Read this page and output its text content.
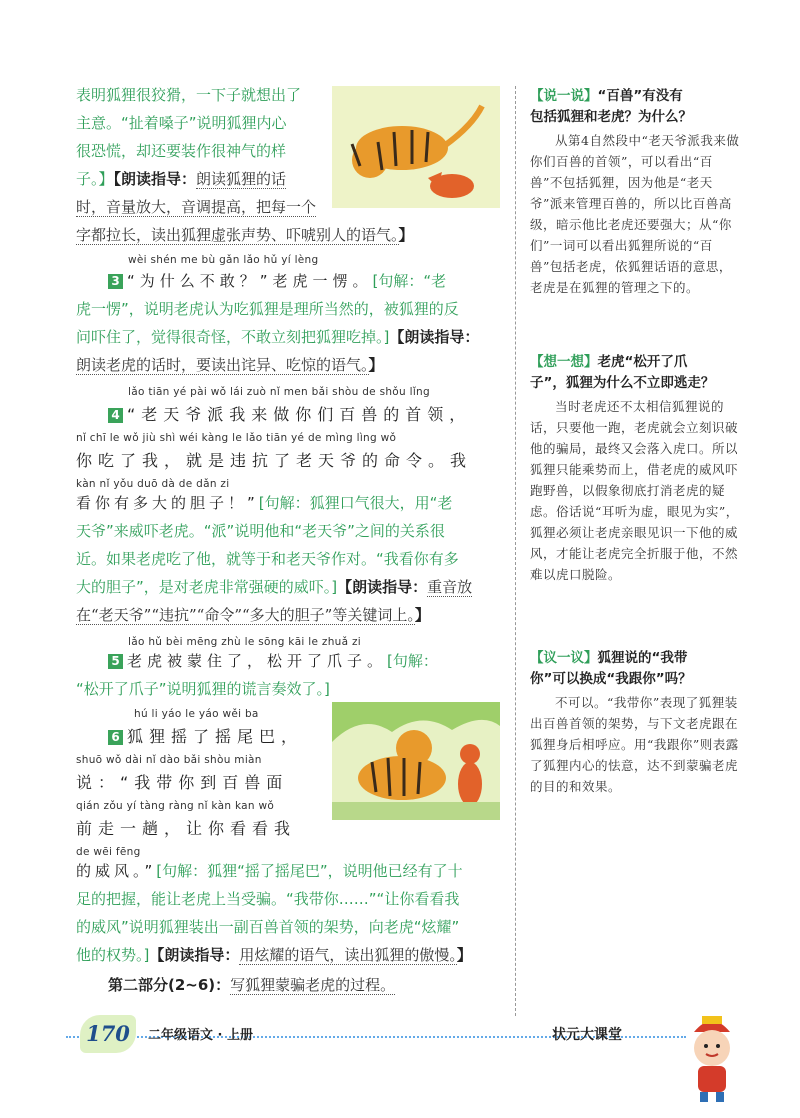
表明狐狸很狡猾，一下子就想出了
主意。“扯着嗓子”说明狐狸内心
很恐慌，却还要装作很神气的样
子。】【朗读指导：朗读狐狸的话
时，音量放大，音调提高，把每一个
字都拉长，读出狐狸虚张声势、吓唬别人的语气。】
wèi shén me bù gǎn lǎo hǔ yí lèng
3 “为什么不敢？”老虎一愣。[句解：“老
虎一愣”，说明老虎认为吃狐狸是理所当然的，被狐狸的反
问吓住了，觉得很奇怪，不敢立刻把狐狸吃掉。]【朗读指导：
朗读老虎的话时，要读出诧异、吃惊的语气。】
lǎo tiān yé pài wǒ lái zuò nǐ men bǎi shòu de shǒu lǐng
4 “老天爷派我来做你们百兽的首领，
nǐ chī le wǒ jiù shì wéi kàng le lǎo tiān yé de mìng lìng wǒ
你吃了我，就是违抗了老天爷的命令。我
kàn nǐ yǒu duō dà de dǎn zi
看你有多大的胆子！”[句解：狐狸口气很大，用“老
天爷”来威吓老虎。“派”说明他和“老天爷”之间的关系很
近。如果老虎吃了他，就等于和老天爷作对。“我看你有多
大的胆子”，是对老虎非常强硬的威吓。]【朗读指导：重音放
在“老天爷”“违抗”“命令”“多大的胆子”等关键词上。】
lǎo hǔ bèi mēng zhù le sōng kāi le zhuǎ zi
5 老虎被蒙住了，松开了爪子。[句解：
“松开了爪子”说明狐狸的谎言奏效了。]
hú li yáo le yáo wěi ba
6 狐狸摇了摇尾巴，
shuō wǒ dài nǐ dào bǎi shòu miàn
说：“我带你到百兽面
qián zǒu yí tàng ràng nǐ kàn kan wǒ
前走一趟，让你看看我
de wēi fēng
的威风。”[句解：狐狸“摇了摇尾巴”，说明他已经有了十
足的把握，能让老虎上当受骗。“我带你……”“让你看看我
的威风”说明狐狸装出一副百兽首领的架势，向老虎“炫耀”
他的权势。]【朗读指导：用炫耀的语气，读出狐狸的傲慢。】
第二部分(2~6)：写狐狸蒙骗老虎的过程。
【说一说】“百兽”有没有
包括狐狸和老虎？为什么？
从第4自然段中“老天爷派我来做你们百兽的首领”，可以看出“百兽”不包括狐狸，因为他是“老天爷”派来管理百兽的，所以比百兽高级，暗示他比老虎还要强大；从“你们”一词可以看出狐狸所说的“百兽”包括老虎，依狐狸话语的意思，老虎是在狐狸的管理之下的。
【想一想】老虎“松开了爪
子”，狐狸为什么不立即逃走？
当时老虎还不太相信狐狸说的话，只要他一跑，老虎就会立刻识破他的骗局，最终又会落入虎口。所以狐狸只能乘势而上，借老虎的威风吓跑野兽，以假象彻底打消老虎的疑虑。俗话说“耳听为虚，眼见为实”，狐狸必须让老虎亲眼见识一下他的威风，才能让老虎完全折服于他，不然难以虎口脱险。
【议一议】狐狸说的“我带
你”可以换成“我跟你”吗？
不可以。“我带你”表现了狐狸装出百兽首领的架势，与下文老虎跟在狐狸身后相呼应。用“我跟你”则表露了狐狸内心的怯意，达不到蒙骗老虎的目的和效果。
170	二年级语文 · 上册	状元大课堂
